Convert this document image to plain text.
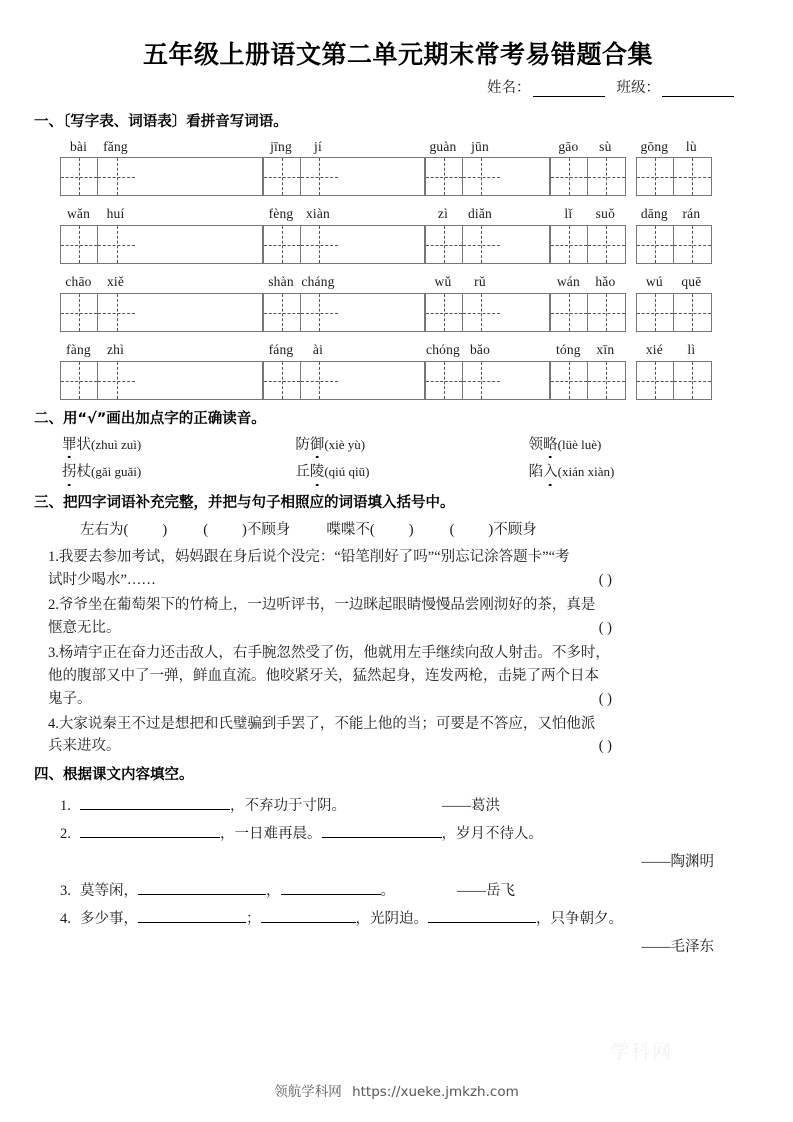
五年级上册语文第二单元期末常考易错题合集
姓名：	班级：
一、〔写字表、词语表〕看拼音写词语。
bài	fǎng	jīng	jí	guàn	jūn	gāo	sù	gōng	lù
wǎn	huí	fèng xiàn	zì	diǎn	lǐ	suǒ	dāng	rán
chāo	xiě	shàn cháng	wǔ	rǔ	wán	hǎo	wú	quē
fàng	zhì	fáng	ài	chóng bǎo	tóng	xīn	xié	lì
二、用“√”画出加点字的正确读音。
罪状(zhuì zuì)	防御(xiè yù)	领略(lüè luè)
拐杖(gǎi guǎi)	丘陵(qiú qiū)	陷入(xián xiàn)
三、把四字词语补充完整，并把与句子相照应的词语填入括号中。
左右为( ) ( )不顾身 喋喋不( ) ( )不顾身
1.我要去参加考试，妈妈跟在身后说个没完：“铅笔削好了吗”“别忘记涂答题卡”“考
试时少喝水”……	( )
2.爷爷坐在葡萄架下的竹椅上，一边听评书，一边眯起眼睛慢慢品尝刚沏好的茶，真是
惬意无比。	( )
3.杨靖宇正在奋力还击敌人，右手腕忽然受了伤，他就用左手继续向敌人射击。不多时，
他的腹部又中了一弹，鲜血直流。他咬紧牙关，猛然起身，连发两枪，击毙了两个日本
鬼子。	( )
4.大家说秦王不过是想把和氏璧骗到手罢了，不能上他的当；可要是不答应，又怕他派
兵来进攻。	( )
四、根据课文内容填空。
1.	，不弃功于寸阴。	——葛洪
2.	，一日难再晨。	，岁月不待人。
——陶渊明
3. 莫等闲，	，	。	——岳飞
4. 多少事，	；	，光阴迫。	，只争朝夕。
——毛泽东
学科网
领航学科网 https://xueke.jmkzh.com
